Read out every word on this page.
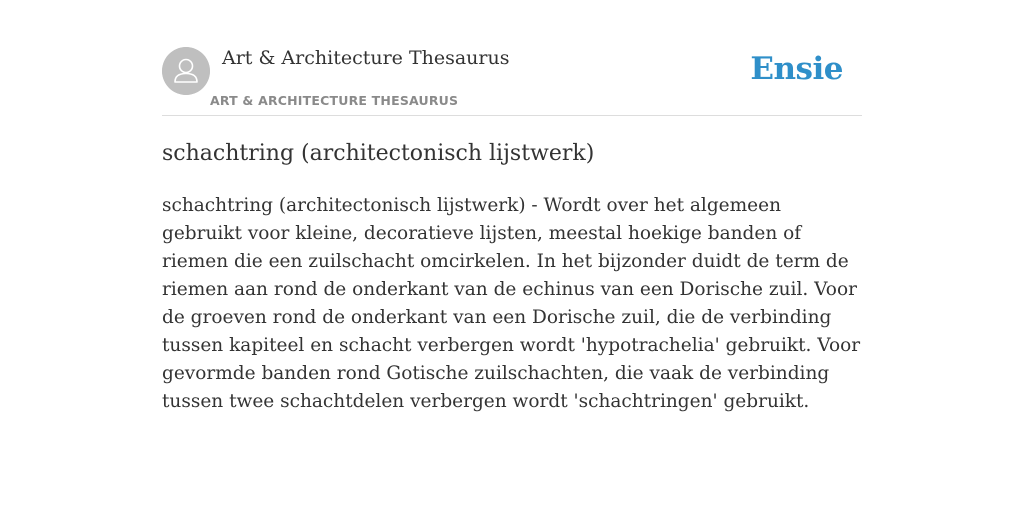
Art & Architecture Thesaurus
ART & ARCHITECTURE THESAURUS
Ensie
schachtring (architectonisch lijstwerk)

schachtring (architectonisch lijstwerk) - Wordt over het algemeen gebruikt voor kleine, decoratieve lijsten, meestal hoekige banden of riemen die een zuilschacht omcirkelen. In het bijzonder duidt de term de riemen aan rond de onderkant van de echinus van een Dorische zuil. Voor de groeven rond de onderkant van een Dorische zuil, die de verbinding tussen kapiteel en schacht verbergen wordt 'hypotrachelia' gebruikt. Voor gevormde banden rond Gotische zuilschachten, die vaak de verbinding tussen twee schachtdelen verbergen wordt 'schachtringen' gebruikt.
